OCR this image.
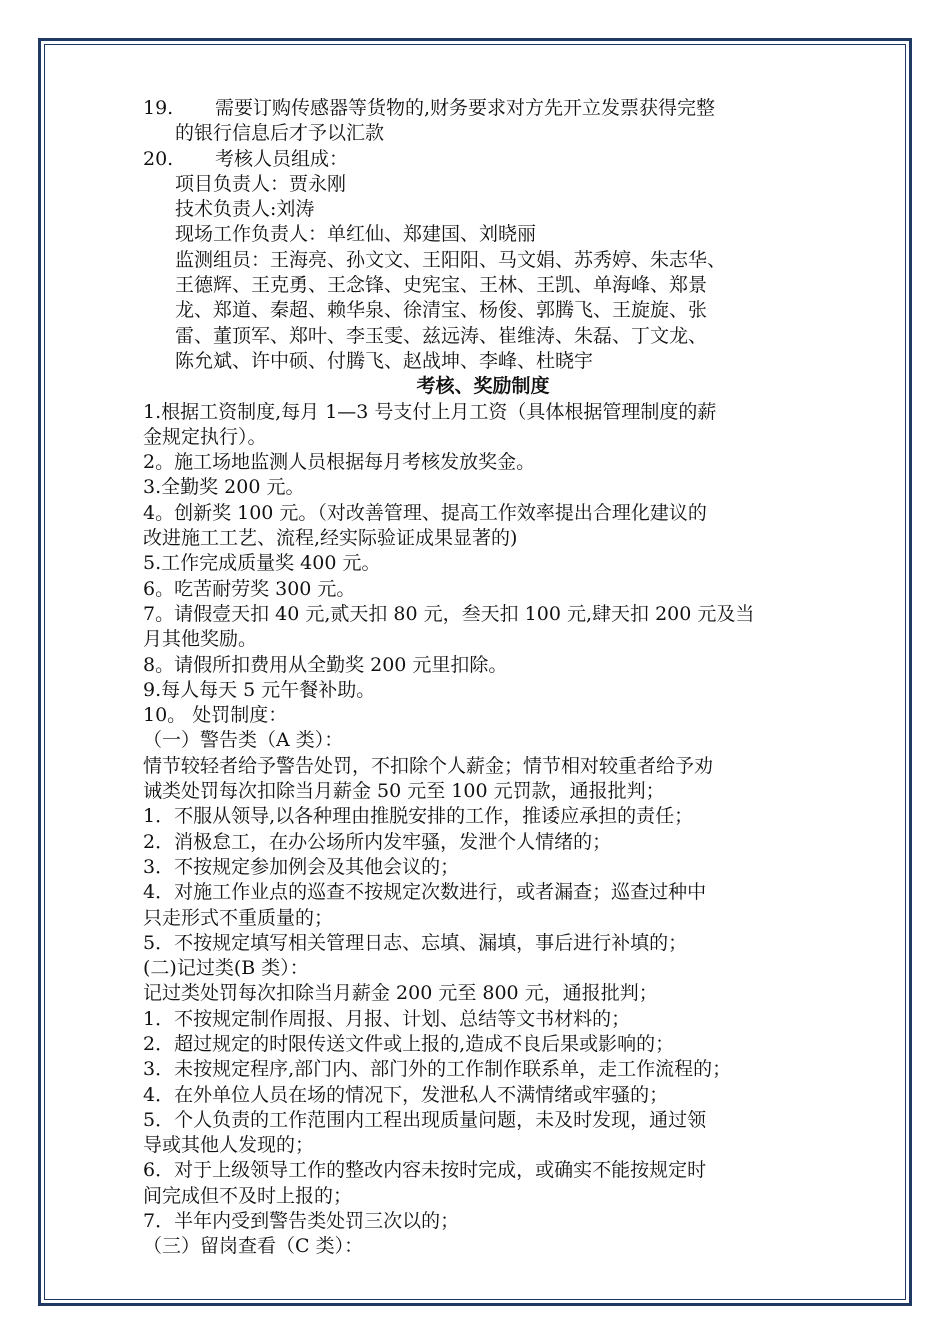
19. 需要订购传感器等货物的,财务要求对方先开立发票获得完整

的银行信息后才予以汇款

20. 考核人员组成：

项目负责人：贾永刚

技术负责人:刘涛

现场工作负责人：单红仙、郑建国、刘晓丽

监测组员：王海亮、孙文文、王阳阳、马文娟、苏秀婷、朱志华、

王德辉、王克勇、王念锋、史宪宝、王林、王凯、单海峰、郑景

龙、郑道、秦超、赖华泉、徐清宝、杨俊、郭腾飞、王旋旋、张

雷、董顶军、郑叶、李玉雯、兹远涛、崔维涛、朱磊、丁文龙、

陈允斌、许中硕、付腾飞、赵战坤、李峰、杜晓宇

考核、奖励制度

1.根据工资制度,每月 1—3 号支付上月工资（具体根据管理制度的薪

金规定执行）。

2。施工场地监测人员根据每月考核发放奖金。

3.全勤奖 200 元。

4。创新奖 100 元。（对改善管理、提高工作效率提出合理化建议的

改进施工工艺、流程,经实际验证成果显著的)

5.工作完成质量奖 400 元。

6。吃苦耐劳奖 300 元。

7。请假壹天扣 40 元,贰天扣 80 元，叁天扣 100 元,肆天扣 200 元及当

月其他奖励。

8。请假所扣费用从全勤奖 200 元里扣除。

9.每人每天 5 元午餐补助。

10。 处罚制度：

（一）警告类（A 类）：

情节较轻者给予警告处罚，不扣除个人薪金；情节相对较重者给予劝

诫类处罚每次扣除当月薪金 50 元至 100 元罚款，通报批判；

1．不服从领导,以各种理由推脱安排的工作，推诿应承担的责任；

2．消极怠工，在办公场所内发牢骚，发泄个人情绪的；

3．不按规定参加例会及其他会议的；

4．对施工作业点的巡查不按规定次数进行，或者漏查；巡查过种中

只走形式不重质量的；

5．不按规定填写相关管理日志、忘填、漏填，事后进行补填的；

(二)记过类(B 类）：

记过类处罚每次扣除当月薪金 200 元至 800 元，通报批判；

1．不按规定制作周报、月报、计划、总结等文书材料的；

2．超过规定的时限传送文件或上报的,造成不良后果或影响的；

3．未按规定程序,部门内、部门外的工作制作联系单，走工作流程的；

4．在外单位人员在场的情况下，发泄私人不满情绪或牢骚的；

5．个人负责的工作范围内工程出现质量问题，未及时发现，通过领

导或其他人发现的；

6．对于上级领导工作的整改内容未按时完成，或确实不能按规定时

间完成但不及时上报的；

7．半年内受到警告类处罚三次以的；

（三）留岗查看（C 类）：
